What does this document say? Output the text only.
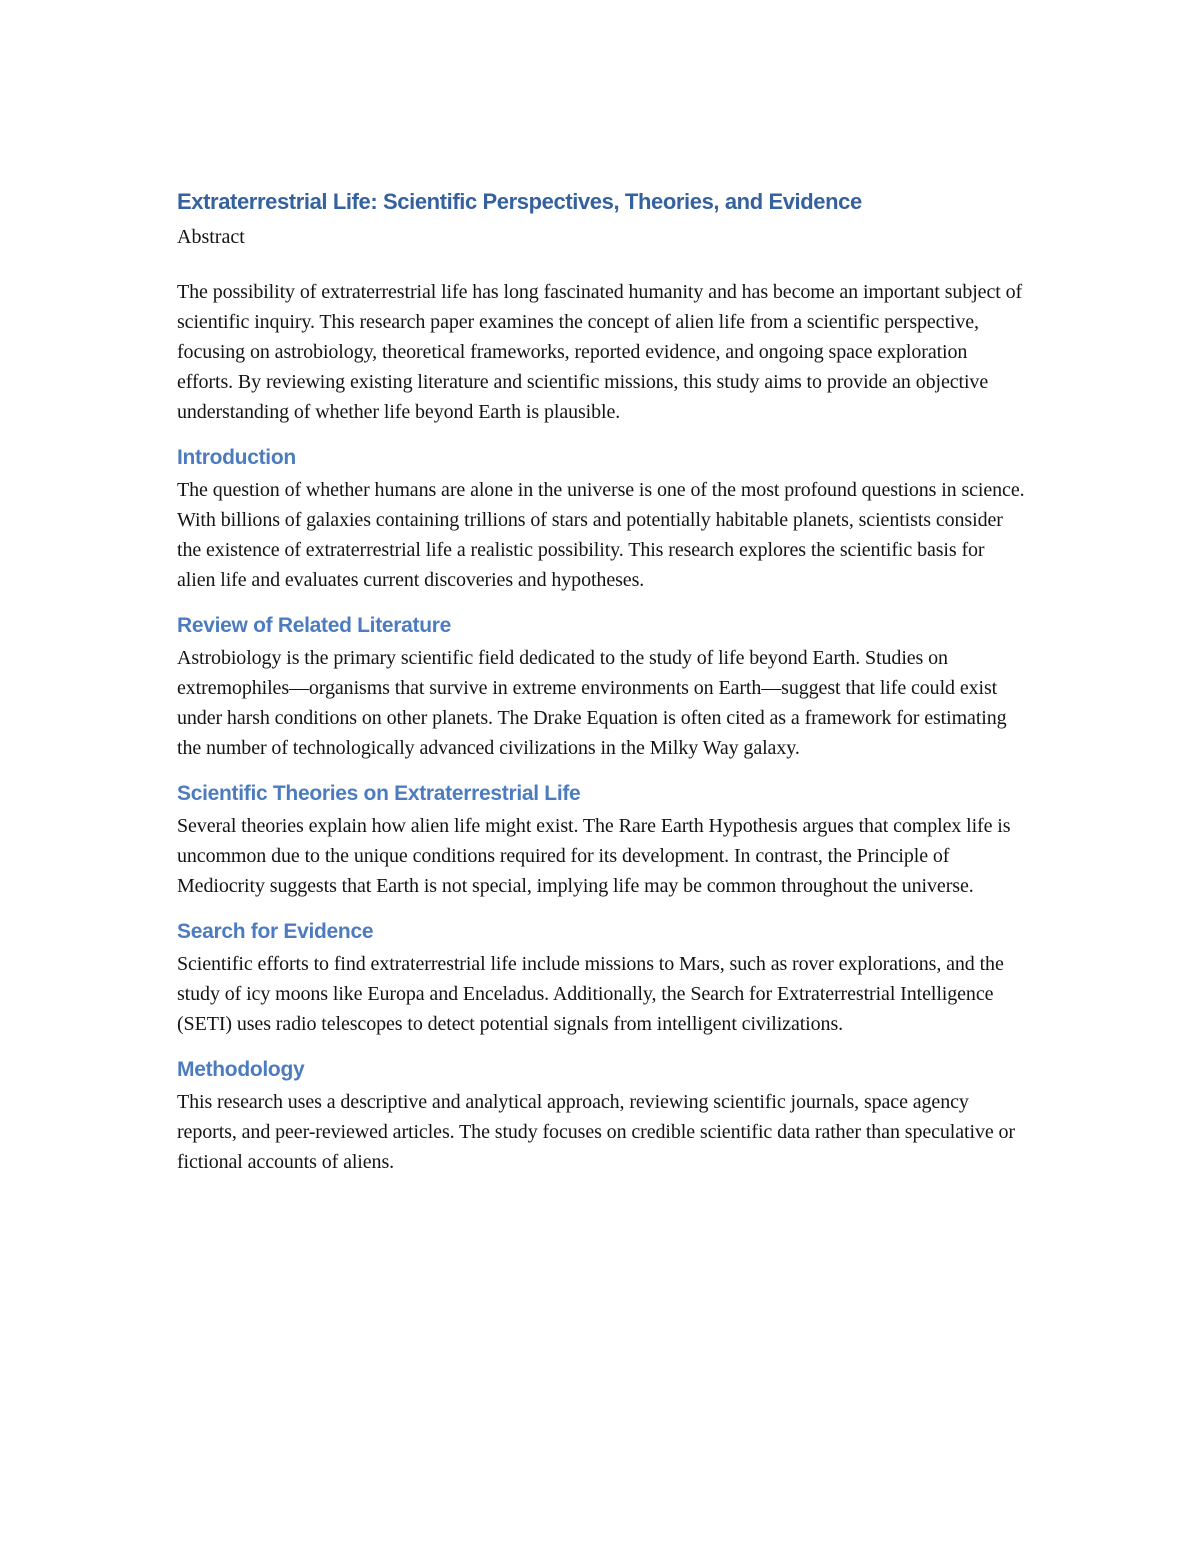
Extraterrestrial Life: Scientific Perspectives, Theories, and Evidence

Abstract

The possibility of extraterrestrial life has long fascinated humanity and has become an important subject of scientific inquiry. This research paper examines the concept of alien life from a scientific perspective, focusing on astrobiology, theoretical frameworks, reported evidence, and ongoing space exploration efforts. By reviewing existing literature and scientific missions, this study aims to provide an objective understanding of whether life beyond Earth is plausible.

Introduction

The question of whether humans are alone in the universe is one of the most profound questions in science. With billions of galaxies containing trillions of stars and potentially habitable planets, scientists consider the existence of extraterrestrial life a realistic possibility. This research explores the scientific basis for alien life and evaluates current discoveries and hypotheses.

Review of Related Literature

Astrobiology is the primary scientific field dedicated to the study of life beyond Earth. Studies on extremophiles—organisms that survive in extreme environments on Earth—suggest that life could exist under harsh conditions on other planets. The Drake Equation is often cited as a framework for estimating the number of technologically advanced civilizations in the Milky Way galaxy.

Scientific Theories on Extraterrestrial Life

Several theories explain how alien life might exist. The Rare Earth Hypothesis argues that complex life is uncommon due to the unique conditions required for its development. In contrast, the Principle of Mediocrity suggests that Earth is not special, implying life may be common throughout the universe.

Search for Evidence

Scientific efforts to find extraterrestrial life include missions to Mars, such as rover explorations, and the study of icy moons like Europa and Enceladus. Additionally, the Search for Extraterrestrial Intelligence (SETI) uses radio telescopes to detect potential signals from intelligent civilizations.

Methodology

This research uses a descriptive and analytical approach, reviewing scientific journals, space agency reports, and peer-reviewed articles. The study focuses on credible scientific data rather than speculative or fictional accounts of aliens.
